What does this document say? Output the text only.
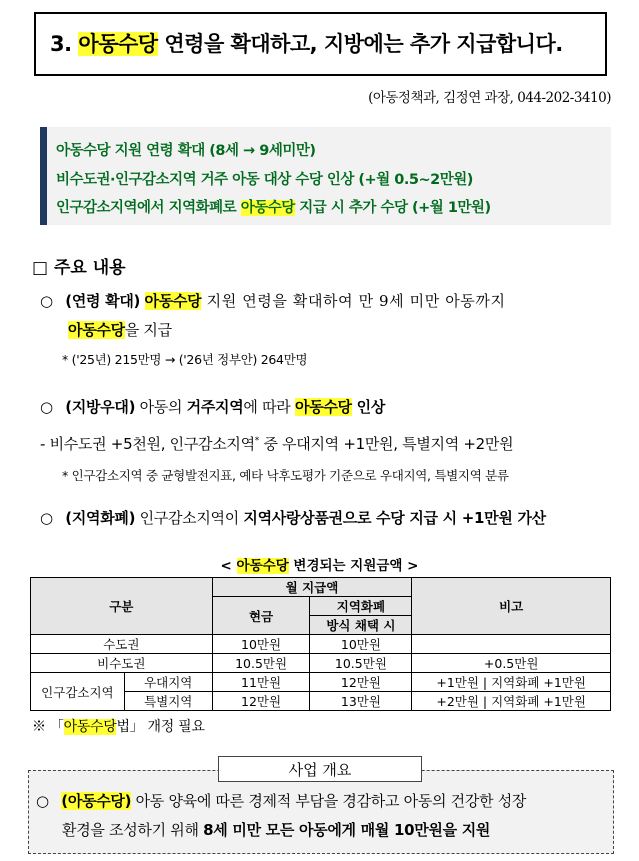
3. 아동수당 연령을 확대하고, 지방에는 추가 지급합니다.
(아동정책과, 김정연 과장, 044-202-3410)
아동수당 지원 연령 확대 (8세 → 9세미만)
비수도권·인구감소지역 거주 아동 대상 수당 인상 (+월 0.5~2만원)
인구감소지역에서 지역화폐로 아동수당 지급 시 추가 수당 (+월 1만원)
□ 주요 내용
○ (연령 확대) 아동수당 지원 연령을 확대하여 만 9세 미만 아동까지
아동수당을 지급
* ('25년) 215만명 → ('26년 정부안) 264만명
○ (지방우대) 아동의 거주지역에 따라 아동수당 인상
- 비수도권 +5천원, 인구감소지역* 중 우대지역 +1만원, 특별지역 +2만원
* 인구감소지역 중 균형발전지표, 예타 낙후도평가 기준으로 우대지역, 특별지역 분류
○ (지역화폐) 인구감소지역이 지역사랑상품권으로 수당 지급 시 +1만원 가산
< 아동수당 변경되는 지원금액 >
구분		월 지급액		비고
		현금	지역화폐	
			방식 채택 시	
수도권		10만원	10만원	
비수도권		10.5만원	10.5만원	+0.5만원
인구감소지역	우대지역	11만원	12만원	+1만원 | 지역화폐 +1만원
	특별지역	12만원	13만원	+2만원 | 지역화폐 +1만원
※ 「아동수당법」 개정 필요
사업 개요
○ (아동수당) 아동 양육에 따른 경제적 부담을 경감하고 아동의 건강한 성장
환경을 조성하기 위해 8세 미만 모든 아동에게 매월 10만원을 지원
